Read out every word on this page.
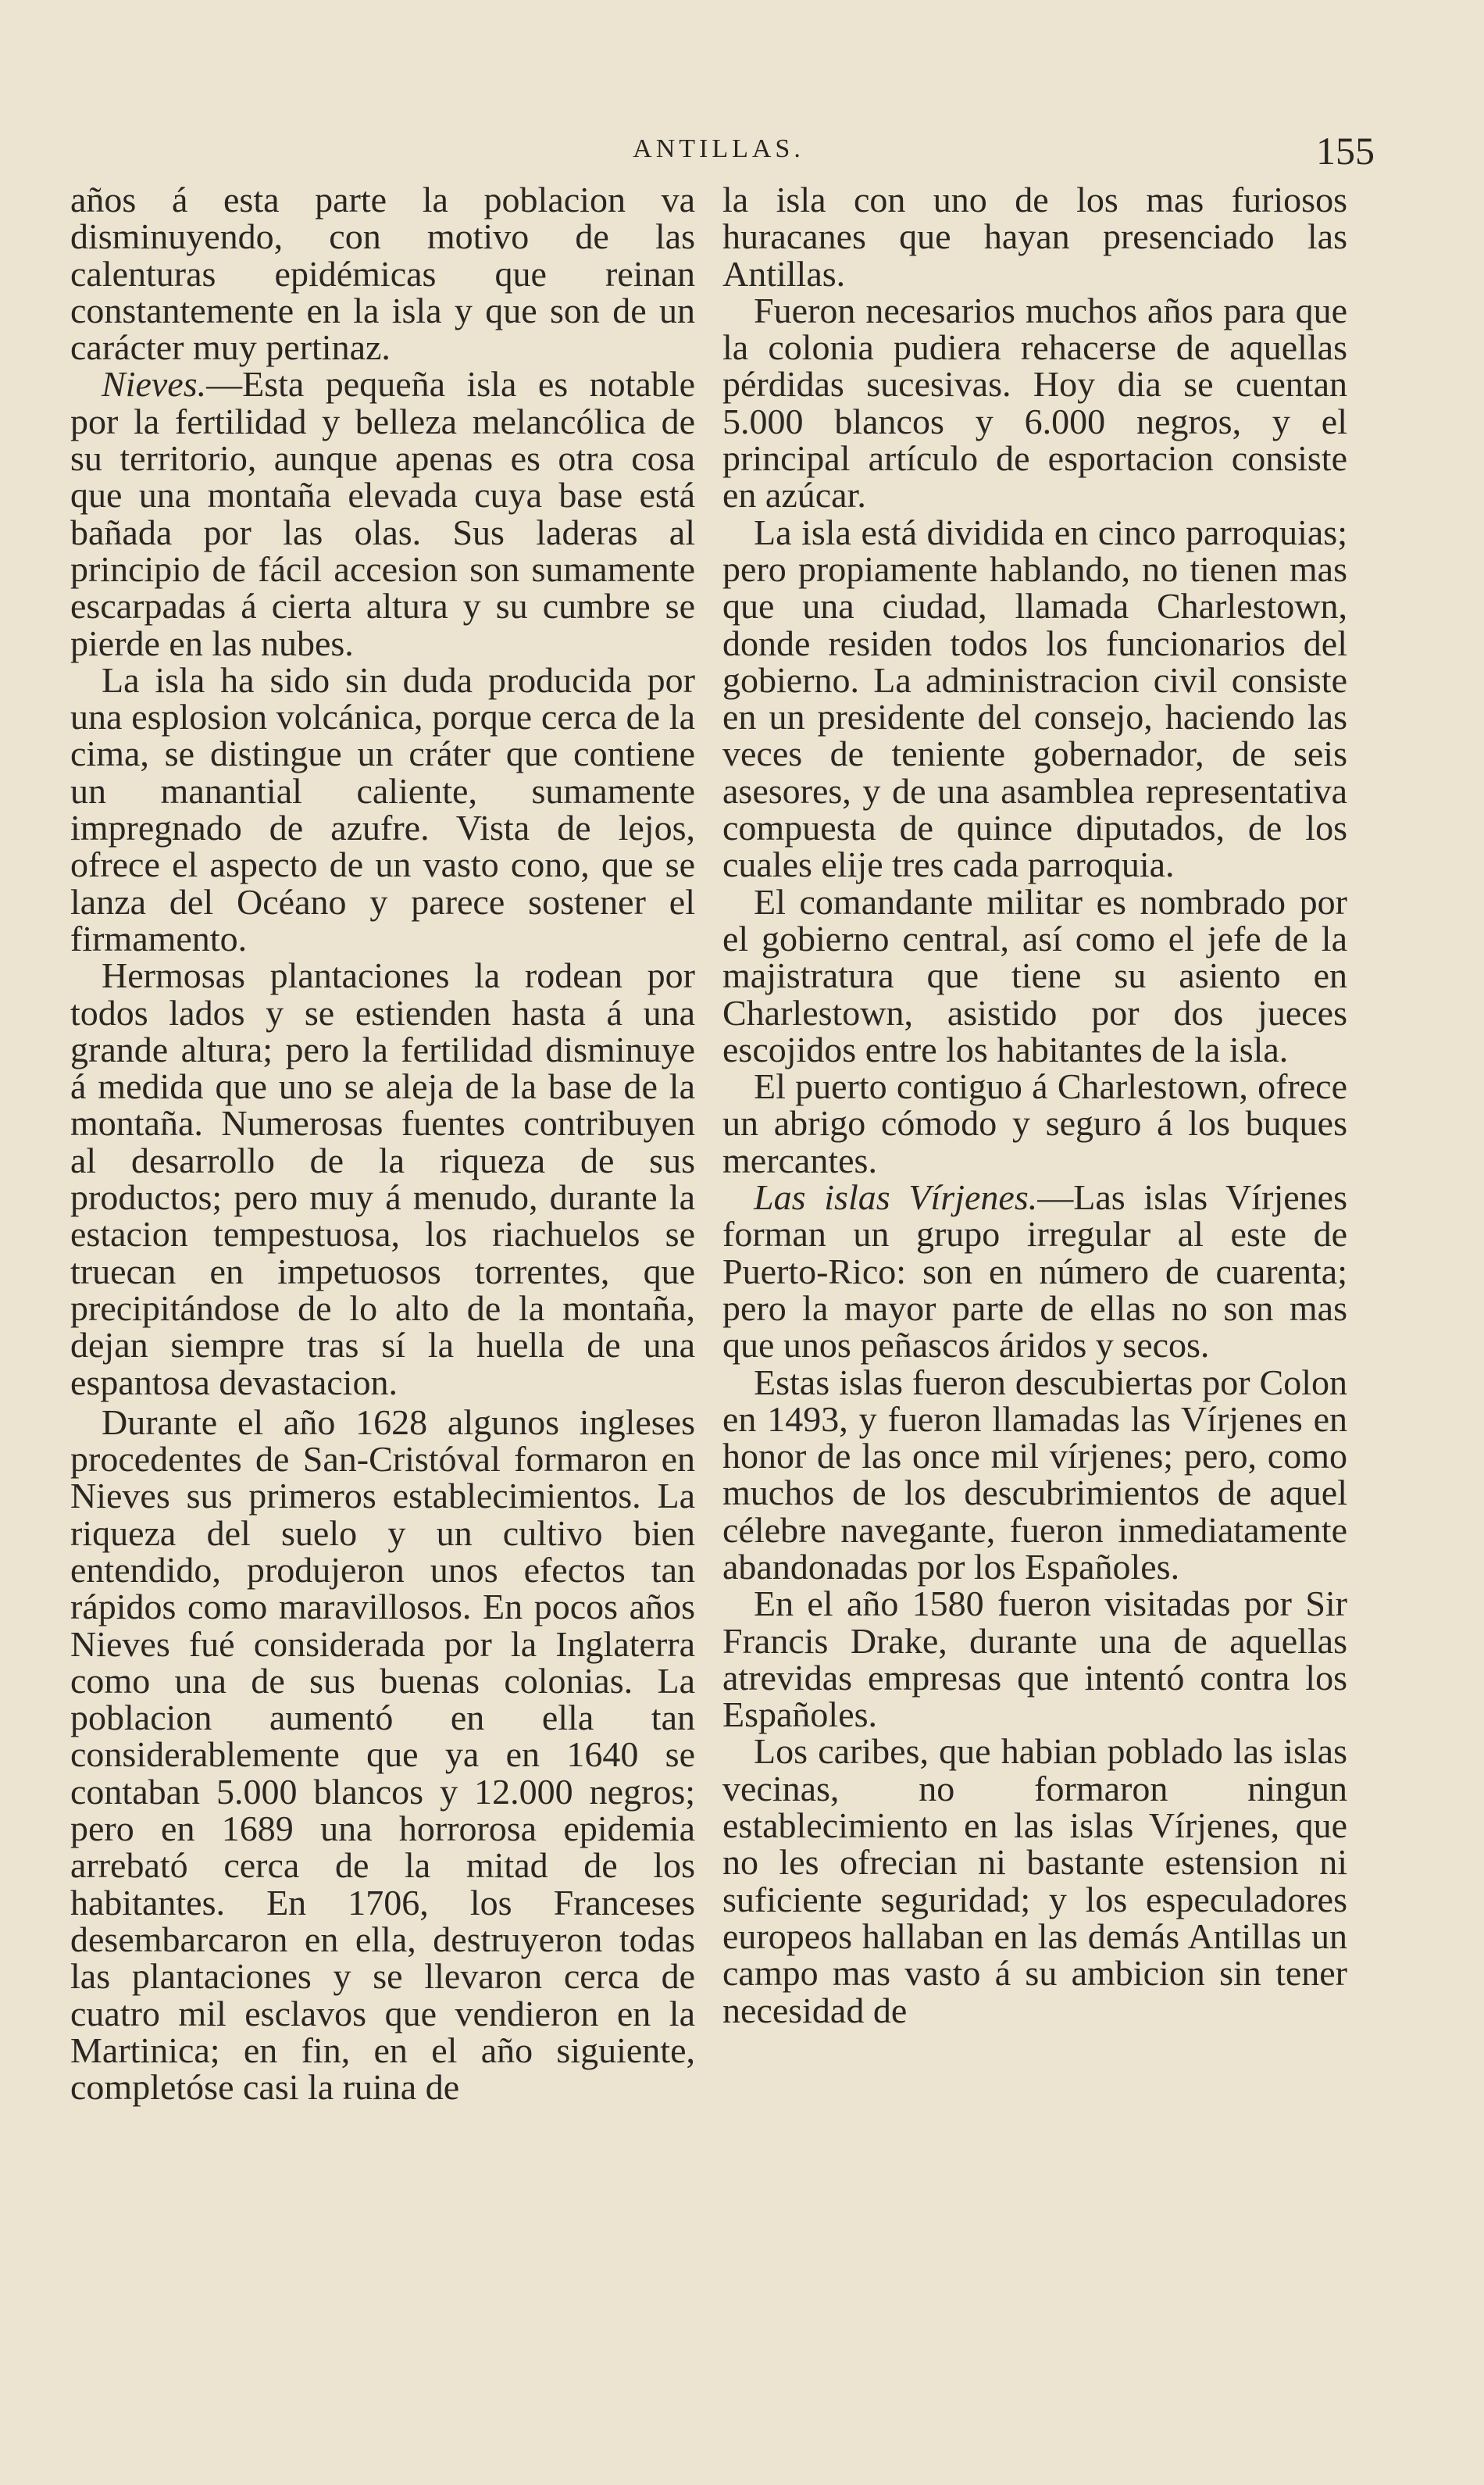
ANTILLAS.	155

años á esta parte la poblacion va disminuyendo, con motivo de las calenturas epidémicas que reinan constantemente en la isla y que son de un carácter muy pertinaz.

Nieves.—Esta pequeña isla es notable por la fertilidad y belleza melancólica de su territorio, aunque apenas es otra cosa que una montaña elevada cuya base está bañada por las olas. Sus laderas al principio de fácil accesion son sumamente escarpadas á cierta altura y su cumbre se pierde en las nubes.

La isla ha sido sin duda producida por una esplosion volcánica, porque cerca de la cima, se distingue un cráter que contiene un manantial caliente, sumamente impregnado de azufre. Vista de lejos, ofrece el aspecto de un vasto cono, que se lanza del Océano y parece sostener el firmamento.

Hermosas plantaciones la rodean por todos lados y se estienden hasta á una grande altura; pero la fertilidad disminuye á medida que uno se aleja de la base de la montaña. Numerosas fuentes contribuyen al desarrollo de la riqueza de sus productos; pero muy á menudo, durante la estacion tempestuosa, los riachuelos se truecan en impetuosos torrentes, que precipitándose de lo alto de la montaña, dejan siempre tras sí la huella de una espantosa devastacion.

Durante el año 1628 algunos ingleses procedentes de San-Cristóval formaron en Nieves sus primeros establecimientos. La riqueza del suelo y un cultivo bien entendido, produjeron unos efectos tan rápidos como maravillosos. En pocos años Nieves fué considerada por la Inglaterra como una de sus buenas colonias. La poblacion aumentó en ella tan considerablemente que ya en 1640 se contaban 5.000 blancos y 12.000 negros; pero en 1689 una horrorosa epidemia arrebató cerca de la mitad de los habitantes. En 1706, los Franceses desembarcaron en ella, destruyeron todas las plantaciones y se llevaron cerca de cuatro mil esclavos que vendieron en la Martinica; en fin, en el año siguiente, completóse casi la ruina de

la isla con uno de los mas furiosos huracanes que hayan presenciado las Antillas.

Fueron necesarios muchos años para que la colonia pudiera rehacerse de aquellas pérdidas sucesivas. Hoy dia se cuentan 5.000 blancos y 6.000 negros, y el principal artículo de esportacion consiste en azúcar.

La isla está dividida en cinco parroquias; pero propiamente hablando, no tienen mas que una ciudad, llamada Charlestown, donde residen todos los funcionarios del gobierno. La administracion civil consiste en un presidente del consejo, haciendo las veces de teniente gobernador, de seis asesores, y de una asamblea representativa compuesta de quince diputados, de los cuales elije tres cada parroquia.

El comandante militar es nombrado por el gobierno central, así como el jefe de la majistratura que tiene su asiento en Charlestown, asistido por dos jueces escojidos entre los habitantes de la isla.

El puerto contiguo á Charlestown, ofrece un abrigo cómodo y seguro á los buques mercantes.

Las islas Vírjenes.—Las islas Vírjenes forman un grupo irregular al este de Puerto-Rico: son en número de cuarenta; pero la mayor parte de ellas no son mas que unos peñascos áridos y secos.

Estas islas fueron descubiertas por Colon en 1493, y fueron llamadas las Vírjenes en honor de las once mil vírjenes; pero, como muchos de los descubrimientos de aquel célebre navegante, fueron inmediatamente abandonadas por los Españoles.

En el año 1580 fueron visitadas por Sir Francis Drake, durante una de aquellas atrevidas empresas que intentó contra los Españoles.

Los caribes, que habian poblado las islas vecinas, no formaron ningun establecimiento en las islas Vírjenes, que no les ofrecian ni bastante estension ni suficiente seguridad; y los especuladores europeos hallaban en las demás Antillas un campo mas vasto á su ambicion sin tener necesidad de
